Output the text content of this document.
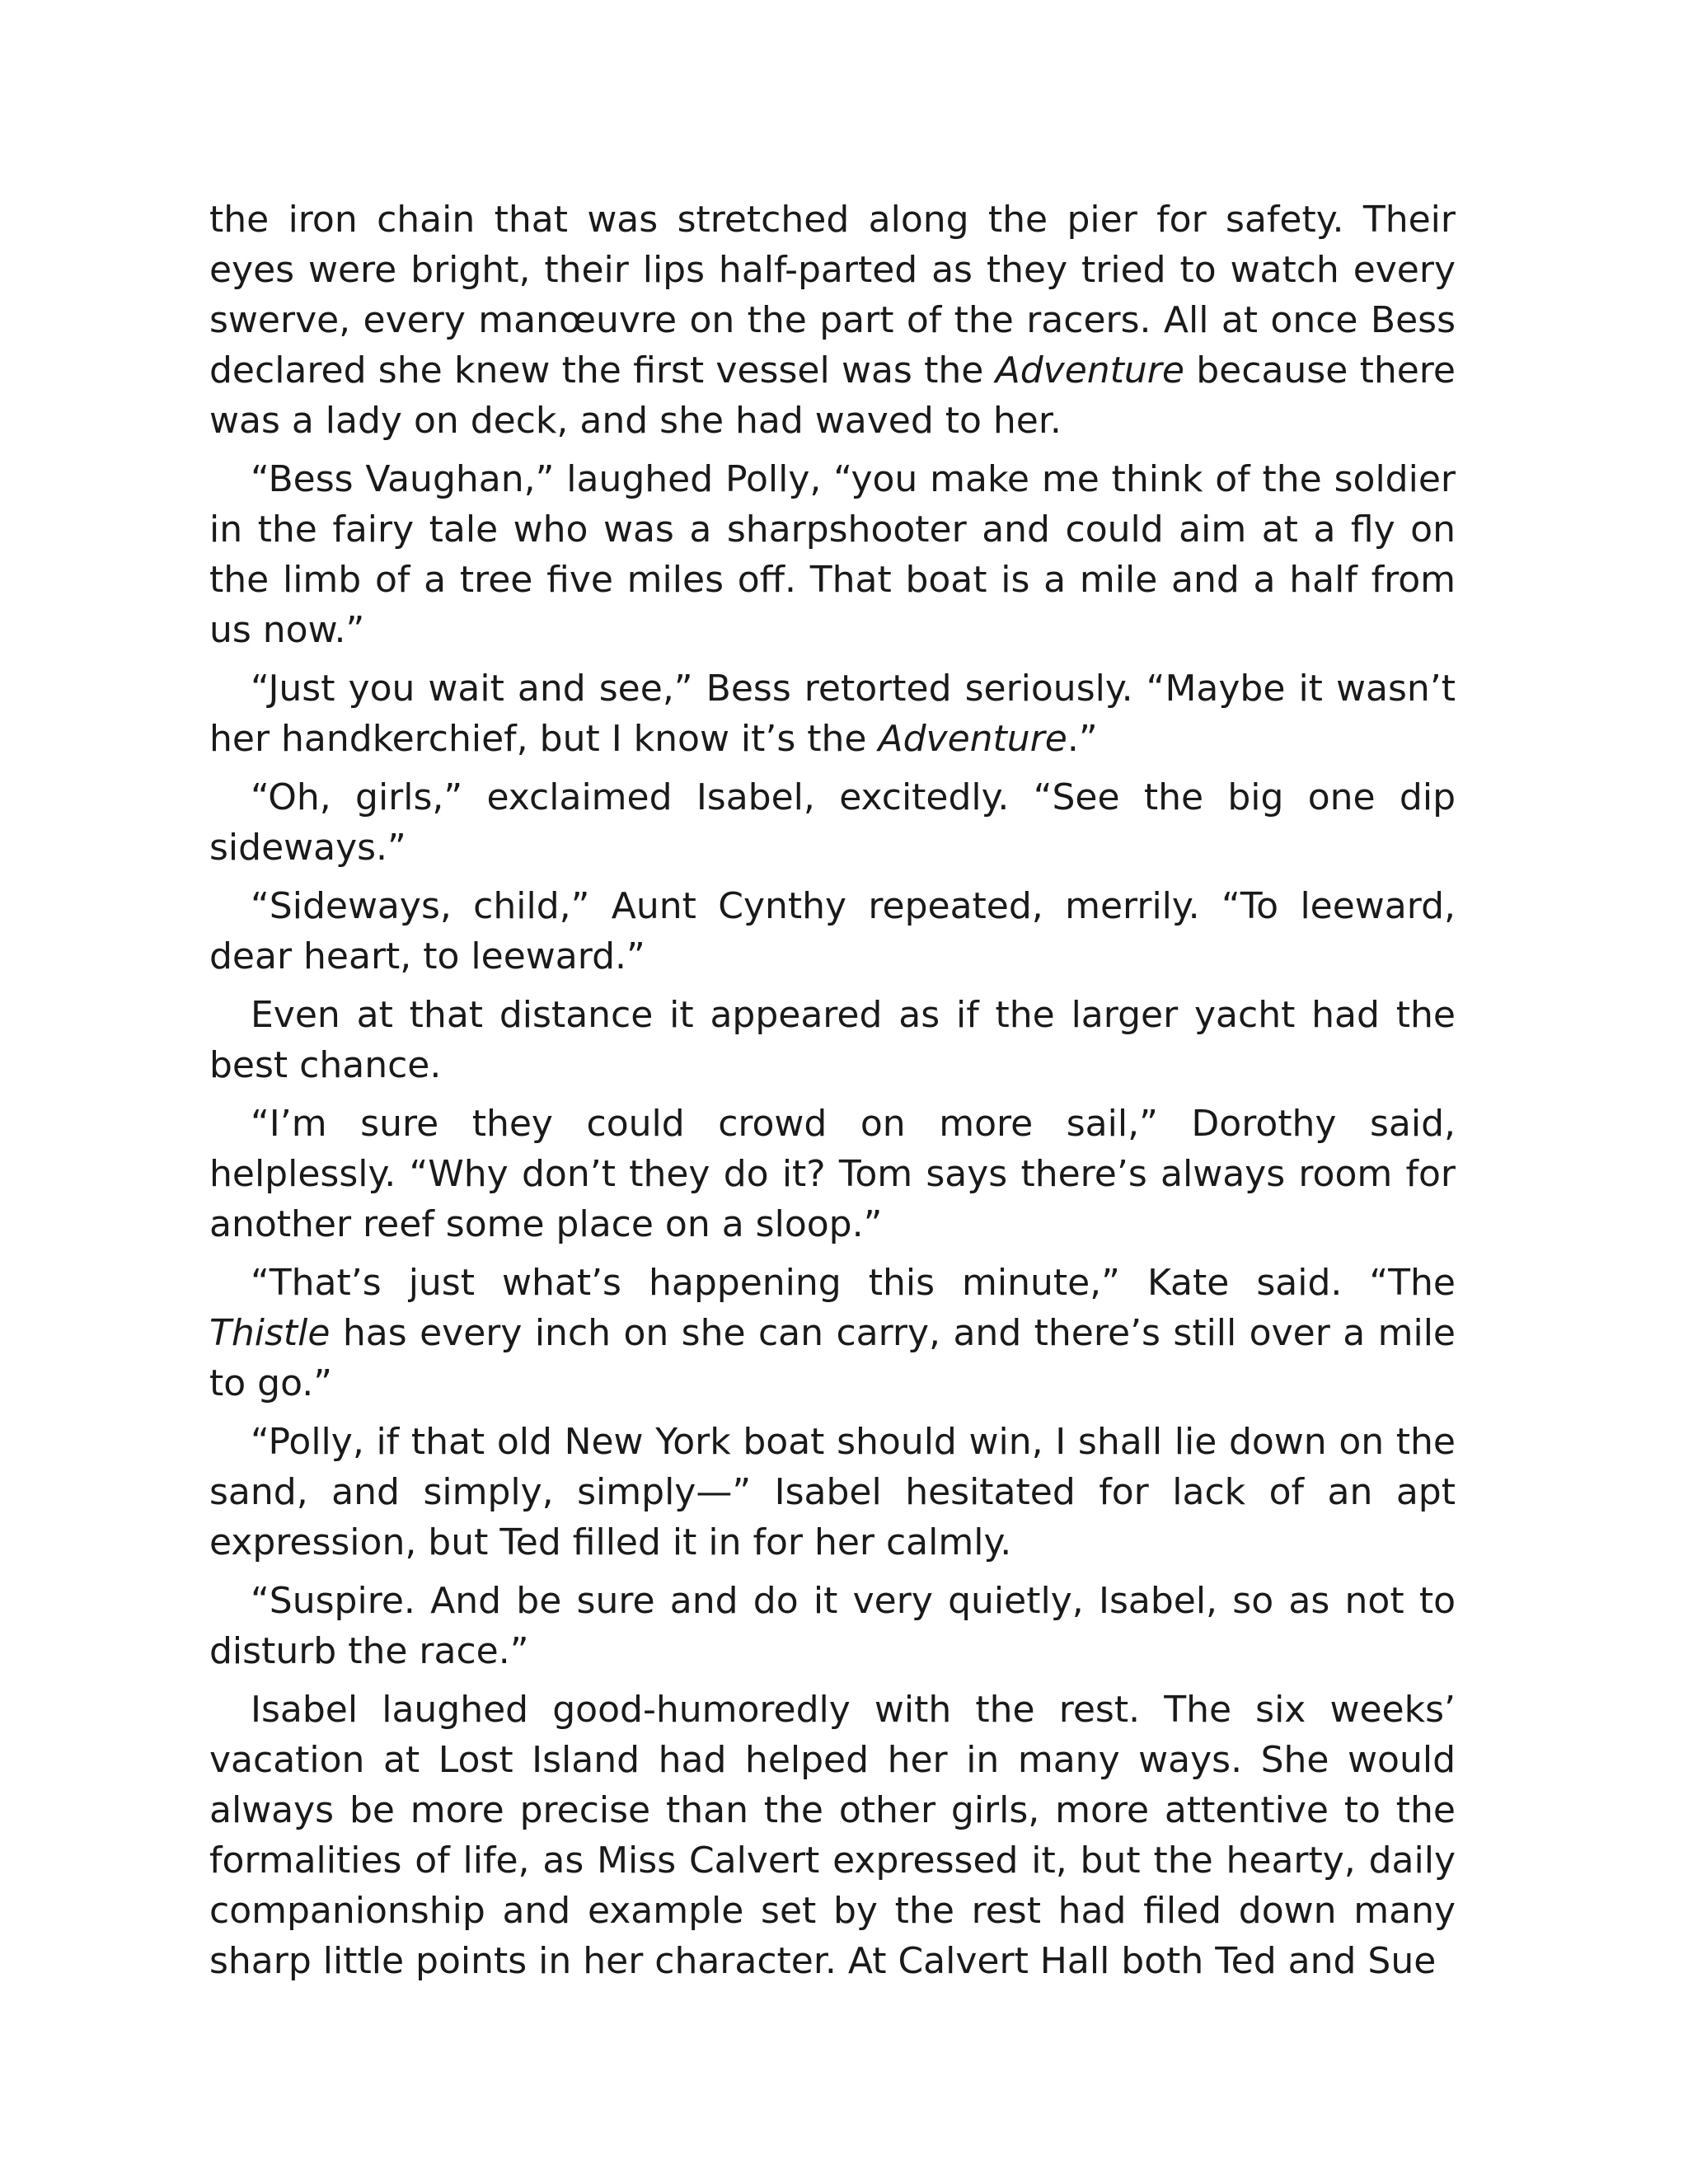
the iron chain that was stretched along the pier for safety. Their eyes were bright, their lips half-parted as they tried to watch every swerve, every manœuvre on the part of the racers. All at once Bess declared she knew the first vessel was the Adventure because there was a lady on deck, and she had waved to her.

“Bess Vaughan,” laughed Polly, “you make me think of the soldier in the fairy tale who was a sharpshooter and could aim at a fly on the limb of a tree five miles off. That boat is a mile and a half from us now.”

“Just you wait and see,” Bess retorted seriously. “Maybe it wasn’t her handkerchief, but I know it’s the Adventure.”

“Oh, girls,” exclaimed Isabel, excitedly. “See the big one dip sideways.”

“Sideways, child,” Aunt Cynthy repeated, merrily. “To leeward, dear heart, to leeward.”

Even at that distance it appeared as if the larger yacht had the best chance.

“I’m sure they could crowd on more sail,” Dorothy said, helplessly. “Why don’t they do it? Tom says there’s always room for another reef some place on a sloop.”

“That’s just what’s happening this minute,” Kate said. “The Thistle has every inch on she can carry, and there’s still over a mile to go.”

“Polly, if that old New York boat should win, I shall lie down on the sand, and simply, simply—” Isabel hesitated for lack of an apt expression, but Ted filled it in for her calmly.

“Suspire. And be sure and do it very quietly, Isabel, so as not to disturb the race.”

Isabel laughed good-humoredly with the rest. The six weeks’ vacation at Lost Island had helped her in many ways. She would always be more precise than the other girls, more attentive to the formalities of life, as Miss Calvert expressed it, but the hearty, daily companionship and example set by the rest had filed down many sharp little points in her character. At Calvert Hall both Ted and Sue
